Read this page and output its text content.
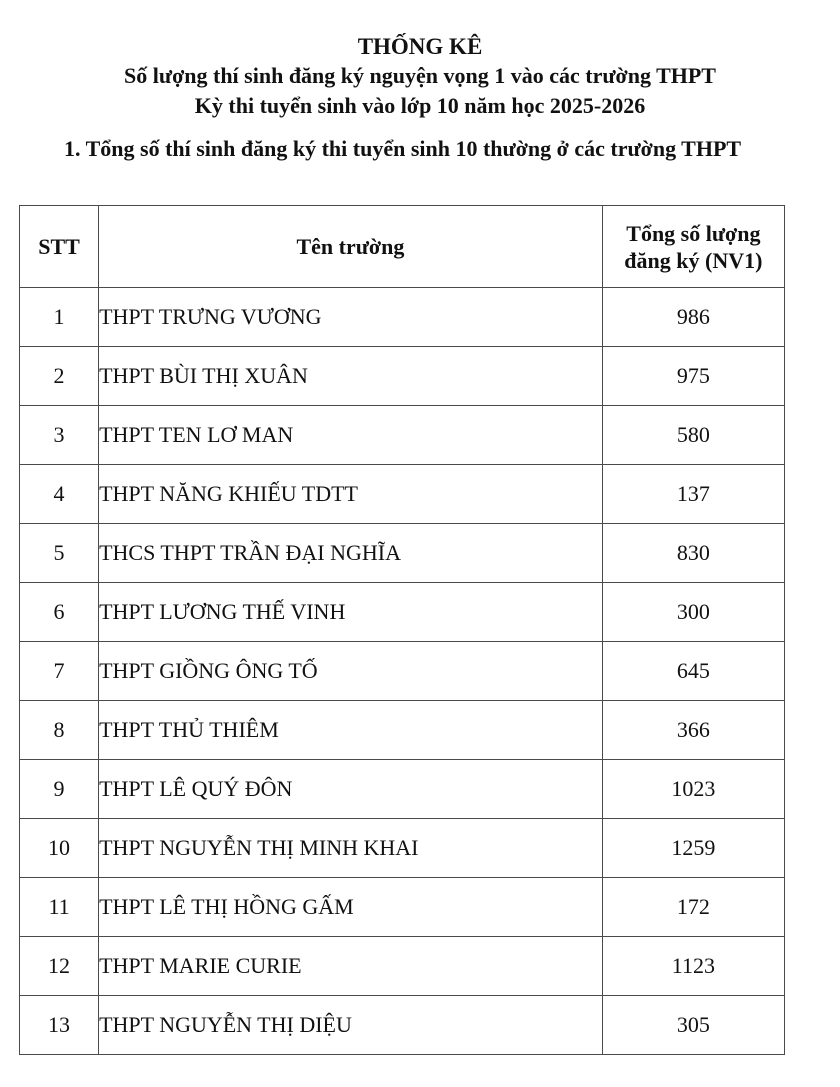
THỐNG KÊ
Số lượng thí sinh đăng ký nguyện vọng 1 vào các trường THPT
Kỳ thi tuyển sinh vào lớp 10 năm học 2025-2026
1. Tổng số thí sinh đăng ký thi tuyển sinh 10 thường ở các trường THPT
STT	Tên trường	Tổng số lượng đăng ký (NV1)

1	THPT TRƯNG VƯƠNG	986
2	THPT BÙI THỊ XUÂN	975
3	THPT TEN LƠ MAN	580
4	THPT NĂNG KHIẾU TDTT	137
5	THCS THPT TRẦN ĐẠI NGHĨA	830
6	THPT LƯƠNG THẾ VINH	300
7	THPT GIỒNG ÔNG TỐ	645
8	THPT THỦ THIÊM	366
9	THPT LÊ QUÝ ĐÔN	1023
10	THPT NGUYỄN THỊ MINH KHAI	1259
11	THPT LÊ THỊ HỒNG GẤM	172
12	THPT MARIE CURIE	1123
13	THPT NGUYỄN THỊ DIỆU	305
